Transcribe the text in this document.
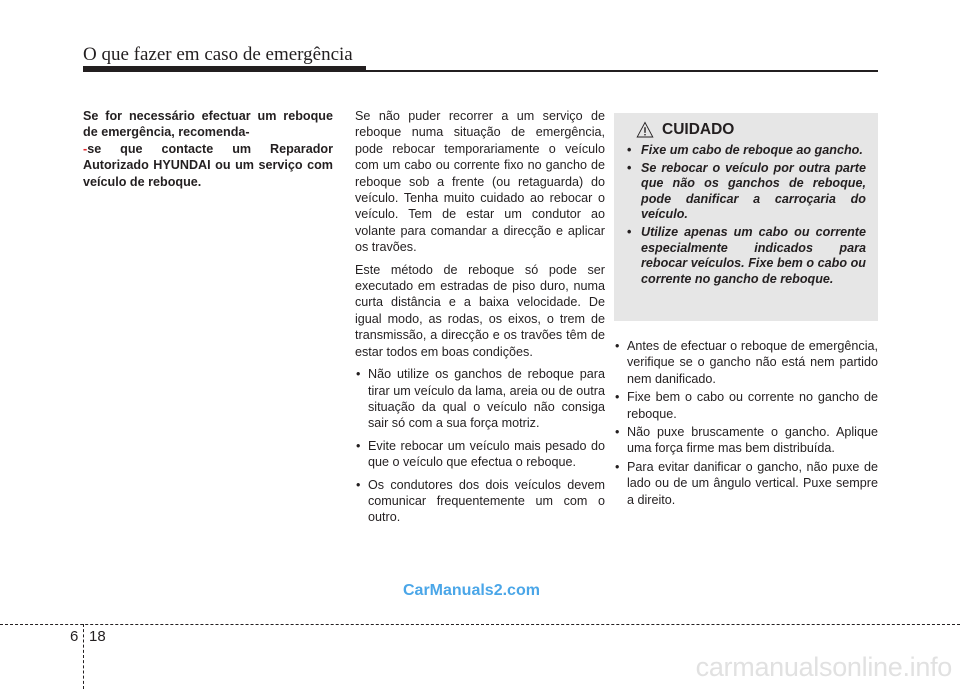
O que fazer em caso de emergência
Se for necessário efectuar um reboque de emergência, recomenda-
-se que contacte um Reparador Autorizado HYUNDAI ou um serviço com veículo de reboque.

Se não puder recorrer a um serviço de reboque numa situação de emergência, pode rebocar temporariamente o veículo com um cabo ou corrente fixo no gancho de reboque sob a frente (ou retaguarda) do veículo. Tenha muito cuidado ao rebocar o veículo. Tem de estar um condutor ao volante para comandar a direcção e aplicar os travões.

Este método de reboque só pode ser executado em estradas de piso duro, numa curta distância e a baixa velocidade. De igual modo, as rodas, os eixos, o trem de transmissão, a direcção e os travões têm de estar todos em boas condições.

• Não utilize os ganchos de reboque para tirar um veículo da lama, areia ou de outra situação da qual o veículo não consiga sair só com a sua força motriz.
• Evite rebocar um veículo mais pesado do que o veículo que efectua o reboque.
• Os condutores dos dois veículos devem comunicar frequentemente um com o outro.
CUIDADO
• Fixe um cabo de reboque ao gancho.
• Se rebocar o veículo por outra parte que não os ganchos de reboque, pode danificar a carroçaria do veículo.
• Utilize apenas um cabo ou corrente especialmente indicados para rebocar veículos. Fixe bem o cabo ou corrente no gancho de reboque.
• Antes de efectuar o reboque de emergência, verifique se o gancho não está nem partido nem danificado.
• Fixe bem o cabo ou corrente no gancho de reboque.
• Não puxe bruscamente o gancho. Aplique uma força firme mas bem distribuída.
• Para evitar danificar o gancho, não puxe de lado ou de um ângulo vertical. Puxe sempre a direito.
CarManuals2.com
6 18
carmanualsonline.info
